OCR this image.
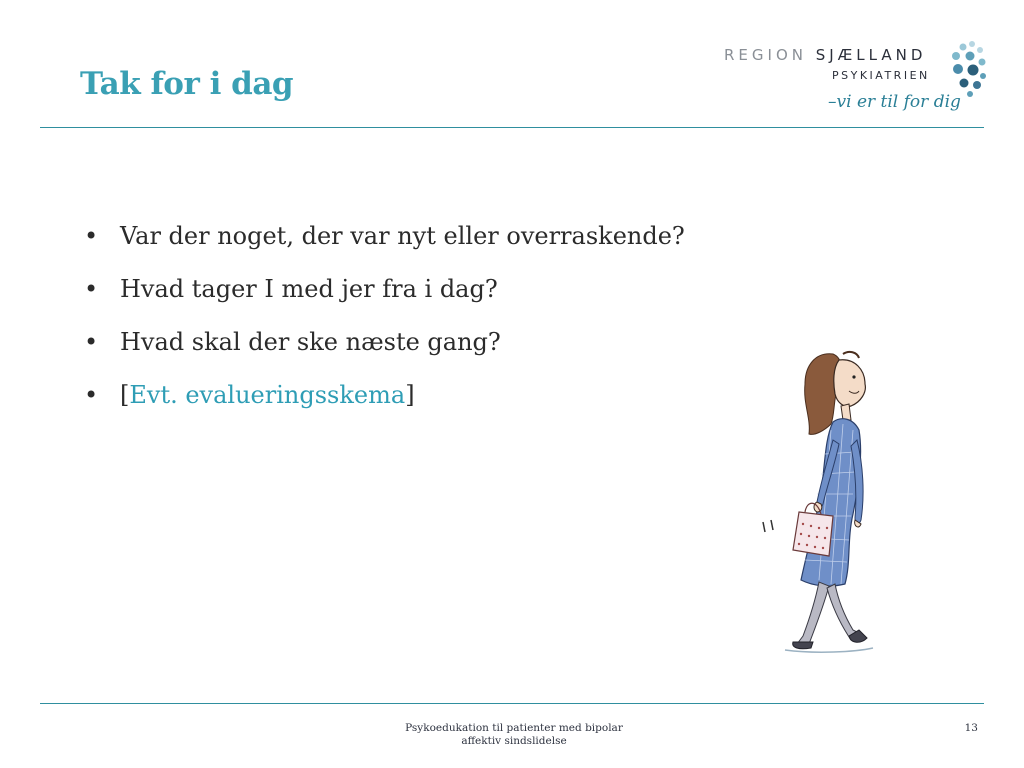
Tak for i dag
REGION SJÆLLAND
PSYKIATRIEN
–vi er til for dig
• Var der noget, der var nyt eller overraskende?
• Hvad tager I med jer fra i dag?
• Hvad skal der ske næste gang?
• [Evt. evalueringsskema]
Psykoedukation til patienter med bipolar affektiv sindslidelse
13
